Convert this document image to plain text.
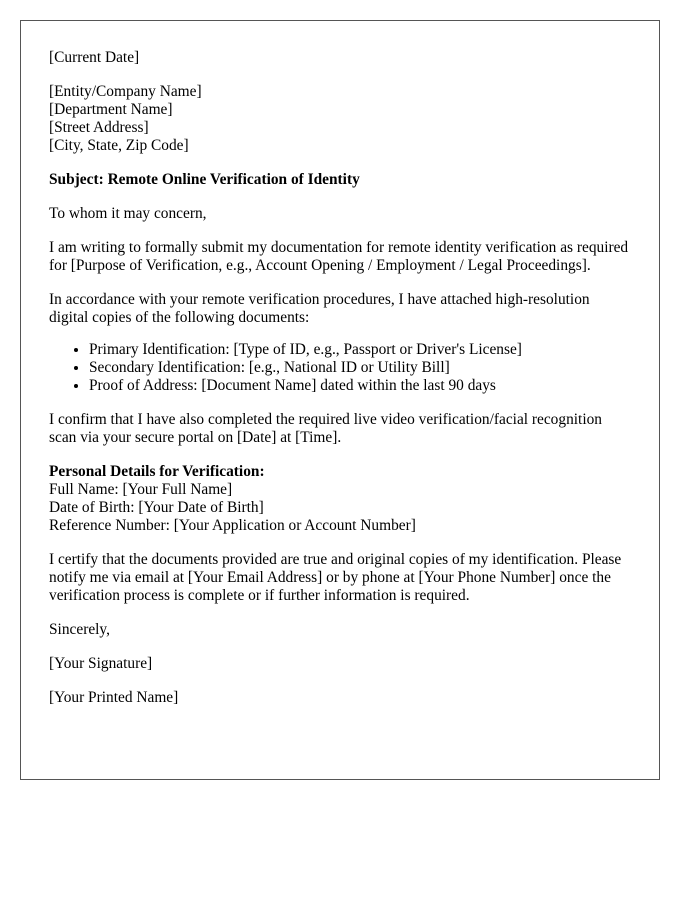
[Current Date]
[Entity/Company Name]
[Department Name]
[Street Address]
[City, State, Zip Code]
Subject: Remote Online Verification of Identity
To whom it may concern,
I am writing to formally submit my documentation for remote identity verification as required for [Purpose of Verification, e.g., Account Opening / Employment / Legal Proceedings].
In accordance with your remote verification procedures, I have attached high-resolution digital copies of the following documents:
• Primary Identification: [Type of ID, e.g., Passport or Driver's License]
• Secondary Identification: [e.g., National ID or Utility Bill]
• Proof of Address: [Document Name] dated within the last 90 days
I confirm that I have also completed the required live video verification/facial recognition scan via your secure portal on [Date] at [Time].
Personal Details for Verification:
Full Name: [Your Full Name]
Date of Birth: [Your Date of Birth]
Reference Number: [Your Application or Account Number]
I certify that the documents provided are true and original copies of my identification. Please notify me via email at [Your Email Address] or by phone at [Your Phone Number] once the verification process is complete or if further information is required.
Sincerely,
[Your Signature]
[Your Printed Name]
